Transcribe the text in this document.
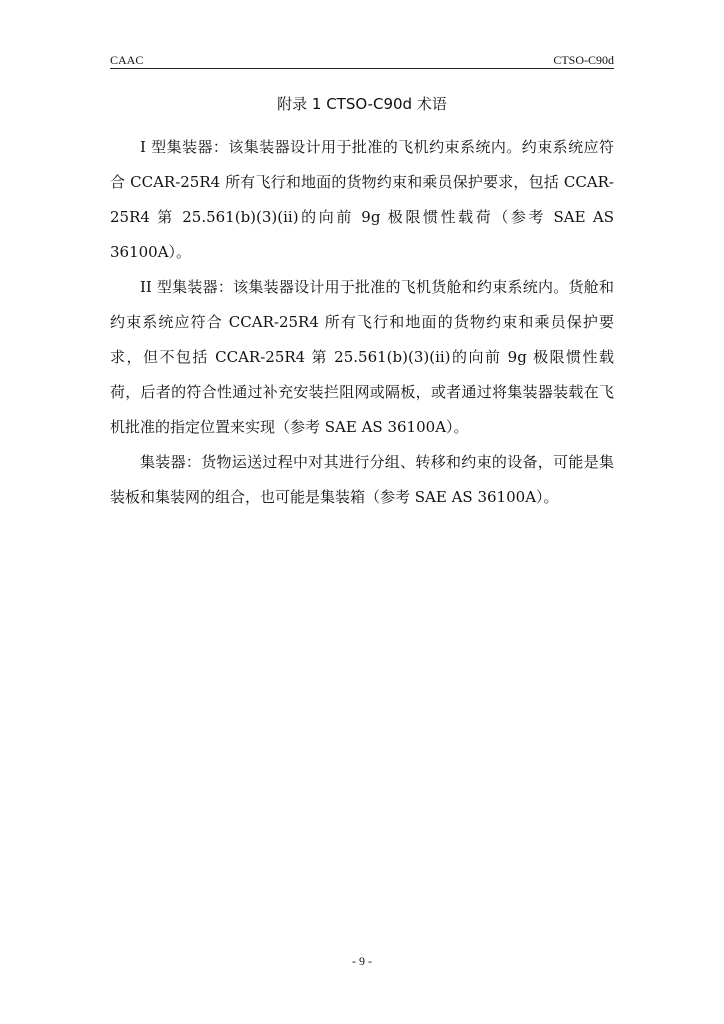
CAAC	CTSO-C90d
附录 1 CTSO-C90d 术语

I 型集装器：该集装器设计用于批准的飞机约束系统内。约束系统应符合 CCAR-25R4 所有飞行和地面的货物约束和乘员保护要求，包括 CCAR-25R4 第 25.561(b)(3)(ii)的向前 9g 极限惯性载荷（参考 SAE AS 36100A）。

II 型集装器：该集装器设计用于批准的飞机货舱和约束系统内。货舱和约束系统应符合 CCAR-25R4 所有飞行和地面的货物约束和乘员保护要求，但不包括 CCAR-25R4 第 25.561(b)(3)(ii)的向前 9g 极限惯性载荷，后者的符合性通过补充安装拦阻网或隔板，或者通过将集装器装载在飞机批准的指定位置来实现（参考 SAE AS 36100A）。

集装器：货物运送过程中对其进行分组、转移和约束的设备，可能是集装板和集装网的组合，也可能是集装箱（参考 SAE AS 36100A）。

- 9 -
